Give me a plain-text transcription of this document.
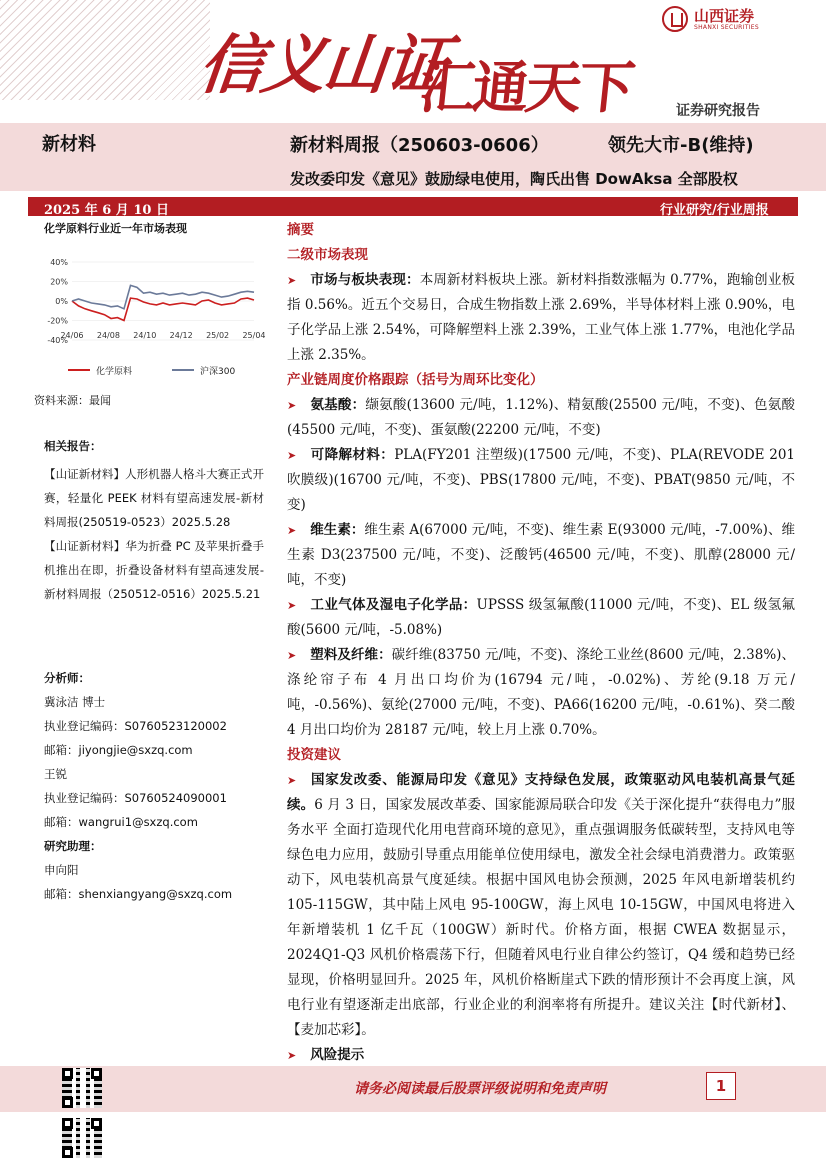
信义山证
汇通天下
山西证券
SHANXI SECURITIES
证券研究报告
新材料	新材料周报（250603-0606）	领先大市-B(维持)
发改委印发《意见》鼓励绿电使用，陶氏出售 DowAksa 全部股权
2025 年 6 月 10 日	行业研究/行业周报
化学原料行业近一年市场表现
40%
20%
0%
-20%
-40%
24/06 24/08 24/10 24/12 25/02 25/04
化学原料	沪深300
资料来源：最闻
相关报告：
【山证新材料】人形机器人格斗大赛正式开赛，轻量化 PEEK 材料有望高速发展-新材料周报(250519-0523）2025.5.28
【山证新材料】华为折叠 PC 及苹果折叠手机推出在即，折叠设备材料有望高速发展-新材料周报（250512-0516）2025.5.21
分析师：
冀泳洁 博士
执业登记编码：S0760523120002
邮箱：jiyongjie@sxzq.com
王锐
执业登记编码：S0760524090001
邮箱：wangrui1@sxzq.com
研究助理：
申向阳
邮箱：shenxiangyang@sxzq.com
摘要
二级市场表现
➤ 市场与板块表现：本周新材料板块上涨。新材料指数涨幅为 0.77%，跑输创业板指 0.56%。近五个交易日，合成生物指数上涨 2.69%，半导体材料上涨 0.90%，电子化学品上涨 2.54%，可降解塑料上涨 2.39%，工业气体上涨 1.77%，电池化学品上涨 2.35%。
产业链周度价格跟踪（括号为周环比变化）
➤ 氨基酸：缬氨酸(13600 元/吨，1.12%)、精氨酸(25500 元/吨，不变)、色氨酸(45500 元/吨，不变)、蛋氨酸(22200 元/吨，不变)
➤ 可降解材料：PLA(FY201 注塑级)(17500 元/吨，不变)、PLA(REVODE 201 吹膜级)(16700 元/吨，不变)、PBS(17800 元/吨，不变)、PBAT(9850 元/吨，不变)
➤ 维生素：维生素 A(67000 元/吨，不变)、维生素 E(93000 元/吨，-7.00%)、维生素 D3(237500 元/吨，不变)、泛酸钙(46500 元/吨，不变)、肌醇(28000 元/吨，不变)
➤ 工业气体及湿电子化学品：UPSSS 级氢氟酸(11000 元/吨，不变)、EL 级氢氟酸(5600 元/吨，-5.08%)
➤ 塑料及纤维：碳纤维(83750 元/吨，不变)、涤纶工业丝(8600 元/吨，2.38%)、涤纶帘子布 4 月出口均价为(16794 元/吨，-0.02%)、芳纶(9.18 万元/吨，-0.56%)、氨纶(27000 元/吨，不变)、PA66(16200 元/吨，-0.61%)、癸二酸 4 月出口均价为 28187 元/吨，较上月上涨 0.70%。
投资建议
➤ 国家发改委、能源局印发《意见》支持绿色发展，政策驱动风电装机高景气延续。6 月 3 日，国家发展改革委、国家能源局联合印发《关于深化提升“获得电力”服务水平 全面打造现代化用电营商环境的意见》，重点强调服务低碳转型，支持风电等绿色电力应用，鼓励引导重点用能单位使用绿电，激发全社会绿电消费潜力。政策驱动下，风电装机高景气度延续。根据中国风电协会预测，2025 年风电新增装机约 105-115GW，其中陆上风电 95-100GW，海上风电 10-15GW，中国风电将进入年新增装机 1 亿千瓦（100GW）新时代。价格方面，根据 CWEA 数据显示，2024Q1-Q3 风机价格震荡下行，但随着风电行业自律公约签订，Q4 缓和趋势已经显现，价格明显回升。2025 年，风机价格断崖式下跌的情形预计不会再度上演，风电行业有望逐渐走出底部，行业企业的利润率将有所提升。建议关注【时代新材】、【麦加芯彩】。
➤ 风险提示
请务必阅读最后股票评级说明和免责声明	1
